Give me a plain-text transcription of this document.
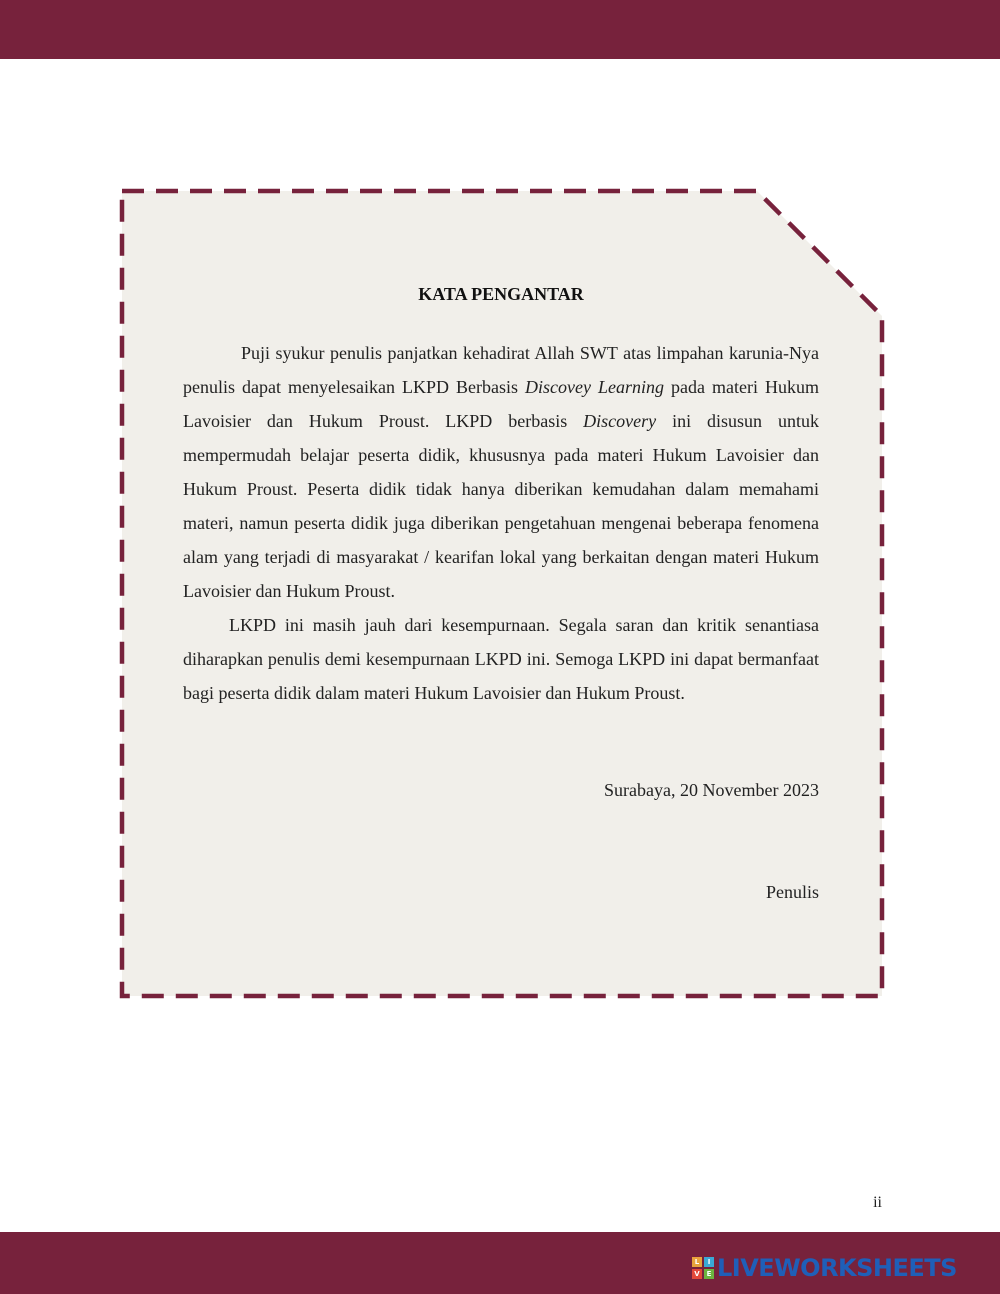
KATA PENGANTAR

Puji syukur penulis panjatkan kehadirat Allah SWT atas limpahan karunia-Nya penulis dapat menyelesaikan LKPD Berbasis Discovey Learning pada materi Hukum Lavoisier dan Hukum Proust. LKPD berbasis Discovery ini disusun untuk mempermudah belajar peserta didik, khususnya pada materi Hukum Lavoisier dan Hukum Proust. Peserta didik tidak hanya diberikan kemudahan dalam memahami materi, namun peserta didik juga diberikan pengetahuan mengenai beberapa fenomena alam yang terjadi di masyarakat / kearifan lokal yang berkaitan dengan materi Hukum Lavoisier dan Hukum Proust.

LKPD ini masih jauh dari kesempurnaan. Segala saran dan kritik senantiasa diharapkan penulis demi kesempurnaan LKPD ini. Semoga LKPD ini dapat bermanfaat bagi peserta didik dalam materi Hukum Lavoisier dan Hukum Proust.

Surabaya, 20 November 2023
Penulis
ii
L	I
V E LIVEWORKSHEETS
